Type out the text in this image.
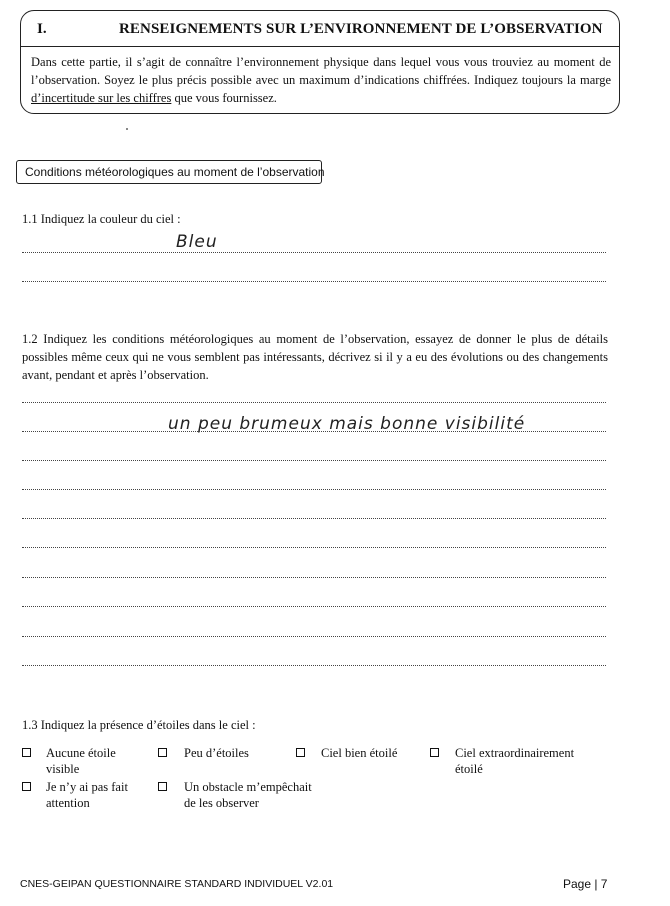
I.	RENSEIGNEMENTS SUR L’ENVIRONNEMENT DE L’OBSERVATION
Dans cette partie, il s’agit de connaître l’environnement physique dans lequel vous vous trouviez au moment de l’observation. Soyez le plus précis possible avec un maximum d’indications chiffrées. Indiquez toujours la marge d’incertitude sur les chiffres que vous fournissez.
Conditions météorologiques au moment de l’observation
1.1 Indiquez la couleur du ciel :
Bleu
1.2 Indiquez les conditions météorologiques au moment de l’observation, essayez de donner le plus de détails possibles même ceux qui ne vous semblent pas intéressants, décrivez si il y a eu des évolutions ou des changements avant, pendant et après l’observation.
un peu brumeux mais bonne visibilité
1.3 Indiquez la présence d’étoiles dans le ciel :
Aucune étoile
visible
Peu d’étoiles	Ciel bien étoilé	Ciel extraordinairement
étoilé
Je n’y ai pas fait
attention
Un obstacle m’empêchait
de les observer
CNES-GEIPAN QUESTIONNAIRE STANDARD INDIVIDUEL V2.01	Page | 7
